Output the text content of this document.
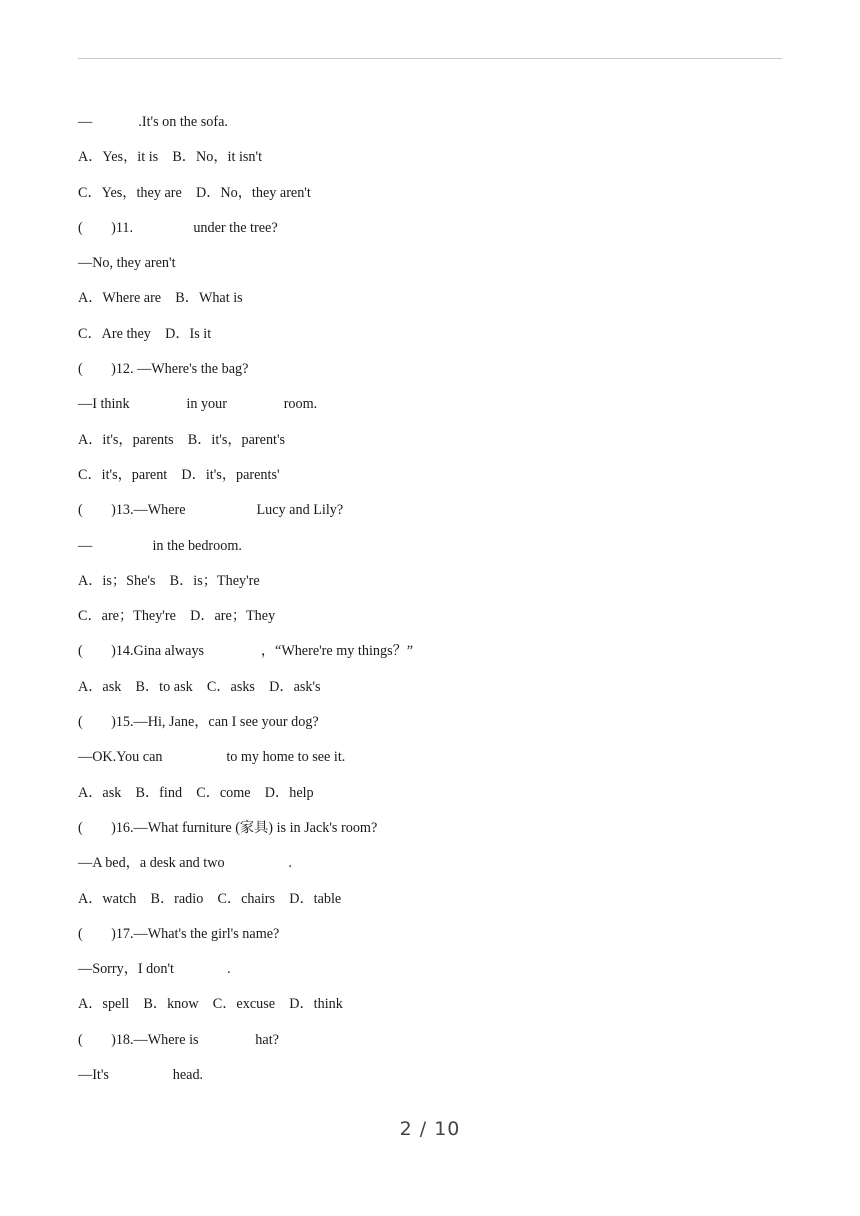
—             .It's on the sofa.
A．Yes，it is　B．No，it isn't
C．Yes，they are　D．No，they aren't
(　　)11.                 under the tree?
—No, they aren't
A．Where are　B．What is
C．Are they　D．Is it
(　　)12. —Where's the bag?
—I think                in your                room.
A．it's，parents　B．it's，parent's
C．it's，parent　D．it's，parents'
(　　)13.—Where                    Lucy and Lily?
—                 in the bedroom.
A．is；She's　B．is；They're
C．are；They're　D．are；They
(　　)14.Gina always                ，“Where're my things？”
A．ask　B．to ask　C．asks　D．ask's
(　　)15.—Hi, Jane，can I see your dog?
—OK.You can                  to my home to see it.
A．ask　B．find　C．come　D．help
(　　)16.—What furniture (家具) is in Jack's room?
—A bed，a desk and two                  .
A．watch　B．radio　C．chairs　D．table
(　　)17.—What's the girl's name?
—Sorry，I don't               .
A．spell　B．know　C．excuse　D．think
(　　)18.—Where is                hat?
—It's                  head.
2 / 10
